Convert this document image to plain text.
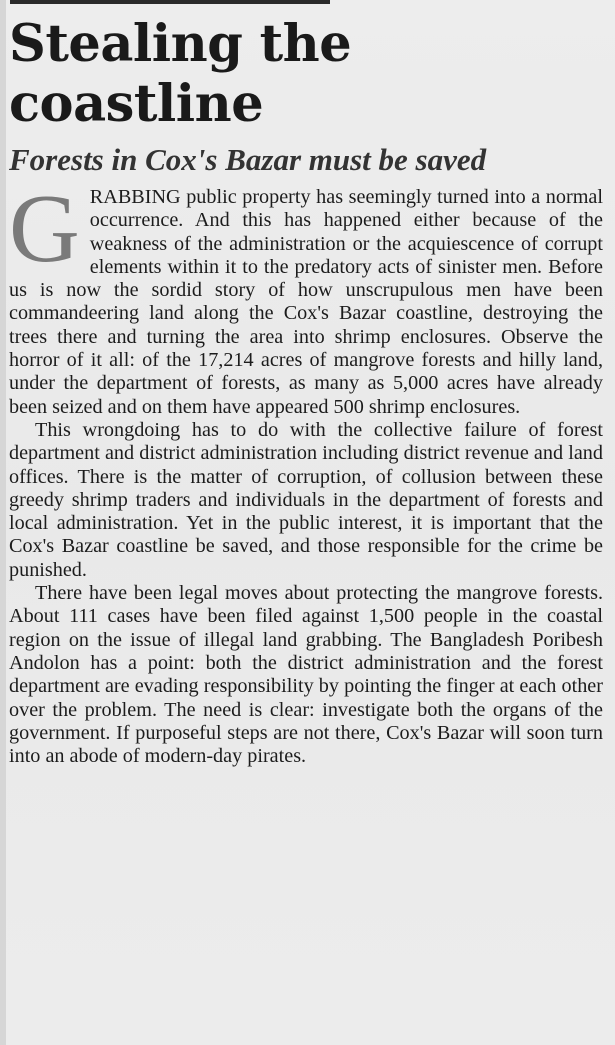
Stealing the coastline
Forests in Cox's Bazar must be saved

GRABBING public property has seemingly turned into a normal occurrence. And this has happened either because of the weakness of the administration or the acquiescence of corrupt elements within it to the predatory acts of sinister men. Before us is now the sordid story of how unscrupulous men have been commandeering land along the Cox's Bazar coastline, destroying the trees there and turning the area into shrimp enclosures. Observe the horror of it all: of the 17,214 acres of mangrove forests and hilly land, under the department of forests, as many as 5,000 acres have already been seized and on them have appeared 500 shrimp enclosures.

This wrongdoing has to do with the collective failure of forest department and district administration including district revenue and land offices. There is the matter of corruption, of collusion between these greedy shrimp traders and individuals in the department of forests and local administration. Yet in the public interest, it is important that the Cox's Bazar coastline be saved, and those responsible for the crime be punished.

There have been legal moves about protecting the mangrove forests. About 111 cases have been filed against 1,500 people in the coastal region on the issue of illegal land grabbing. The Bangladesh Poribesh Andolon has a point: both the district administration and the forest department are evading responsibility by pointing the finger at each other over the problem. The need is clear: investigate both the organs of the government. If purposeful steps are not there, Cox's Bazar will soon turn into an abode of modern-day pirates.
